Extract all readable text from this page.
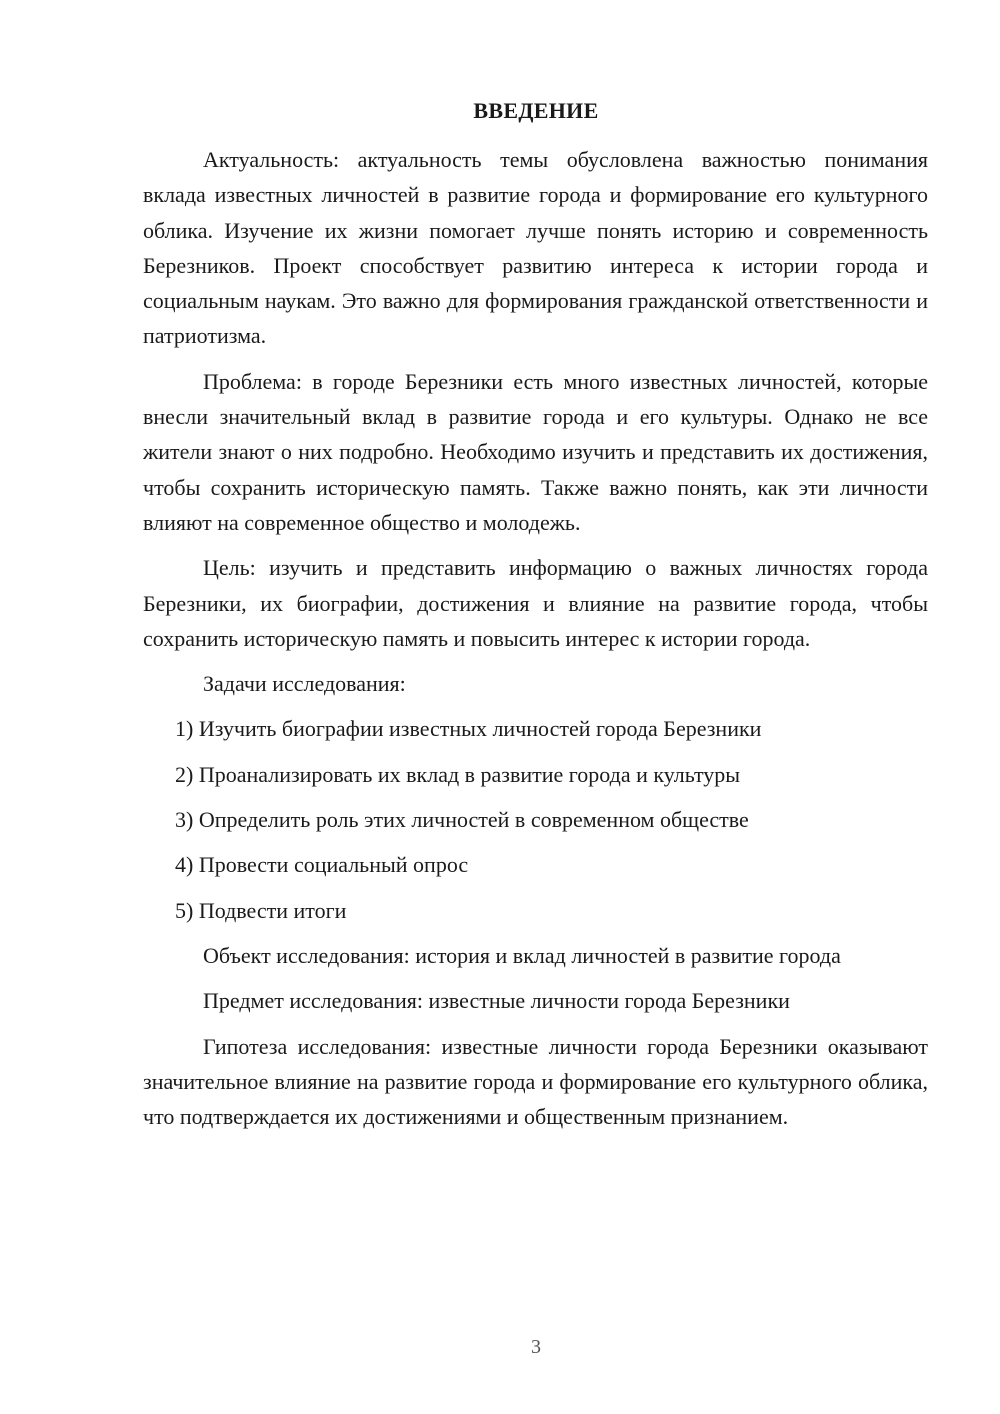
ВВЕДЕНИЕ

Актуальность: актуальность темы обусловлена важностью понимания вклада известных личностей в развитие города и формирование его культурного облика. Изучение их жизни помогает лучше понять историю и современность Березников. Проект способствует развитию интереса к истории города и социальным наукам. Это важно для формирования гражданской ответственности и патриотизма.

Проблема: в городе Березники есть много известных личностей, которые внесли значительный вклад в развитие города и его культуры. Однако не все жители знают о них подробно. Необходимо изучить и представить их достижения, чтобы сохранить историческую память. Также важно понять, как эти личности влияют на современное общество и молодежь.

Цель: изучить и представить информацию о важных личностях города Березники, их биографии, достижения и влияние на развитие города, чтобы сохранить историческую память и повысить интерес к истории города.

Задачи исследования:

1) Изучить биографии известных личностей города Березники
2) Проанализировать их вклад в развитие города и культуры
3) Определить роль этих личностей в современном обществе
4) Провести социальный опрос
5) Подвести итоги

Объект исследования: история и вклад личностей в развитие города

Предмет исследования: известные личности города Березники

Гипотеза исследования: известные личности города Березники оказывают значительное влияние на развитие города и формирование его культурного облика, что подтверждается их достижениями и общественным признанием.

3
